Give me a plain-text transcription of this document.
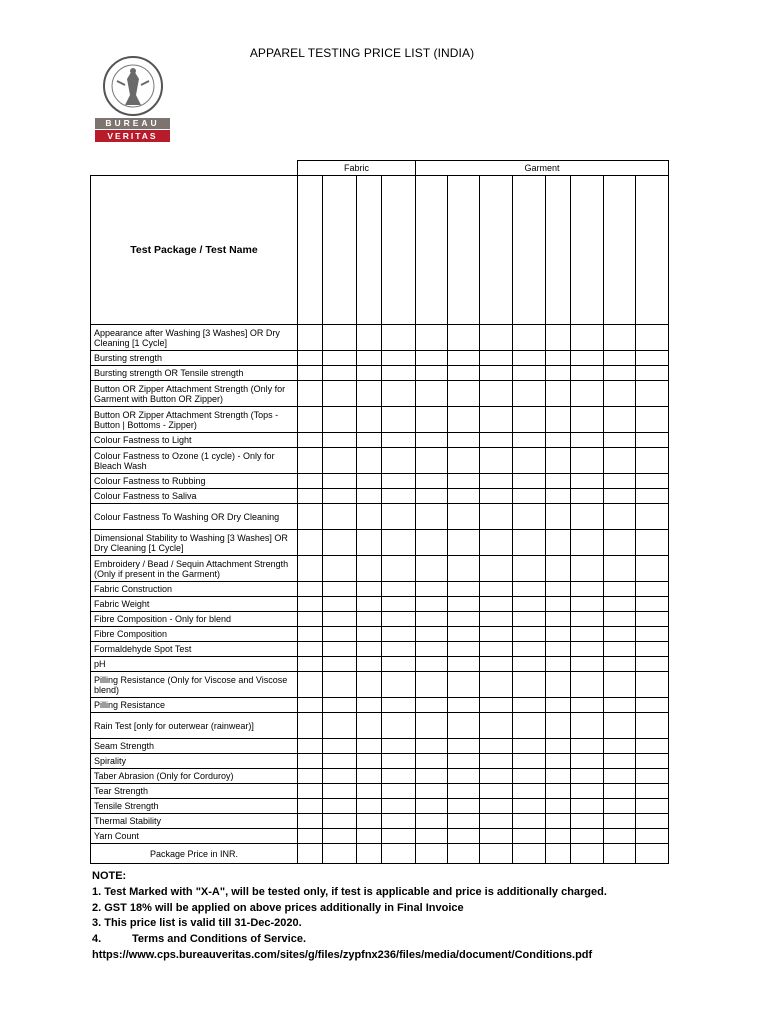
APPAREL TESTING PRICE LIST (INDIA)
BUREAU
VERITAS
	Fabric				Garment							
Test Package / Test Name												
Appearance after Washing [3 Washes] OR Dry Cleaning [1 Cycle]												
Bursting strength												
Bursting strength OR Tensile strength												
Button OR Zipper Attachment Strength (Only for Garment with Button OR Zipper)												
Button OR Zipper Attachment Strength (Tops - Button | Bottoms - Zipper)												
Colour Fastness to Light												
Colour Fastness to Ozone (1 cycle) - Only for Bleach Wash												
Colour Fastness to Rubbing												
Colour Fastness to Saliva												
Colour Fastness To Washing OR Dry Cleaning												
Dimensional Stability to Washing [3 Washes] OR Dry Cleaning [1 Cycle]												
Embroidery / Bead / Sequin Attachment Strength (Only if present in the Garment)												
Fabric Construction												
Fabric Weight												
Fibre Composition - Only for blend												
Fibre Composition												
Formaldehyde Spot Test												
pH												
Pilling Resistance (Only for Viscose and Viscose blend)												
Pilling Resistance												
Rain Test [only for outerwear (rainwear)]												
Seam Strength												
Spirality												
Taber Abrasion (Only for Corduroy)												
Tear Strength												
Tensile Strength												
Thermal Stability												
Yarn Count												
Package Price in INR.												
NOTE:
1. Test Marked with "X-A", will be tested only, if test is applicable and price is additionally charged.
2. GST 18% will be applied on above prices additionally in Final Invoice
3. This price list is valid till 31-Dec-2020.
4.	Terms and Conditions of Service.
https://www.cps.bureauveritas.com/sites/g/files/zypfnx236/files/media/document/Conditions.pdf
